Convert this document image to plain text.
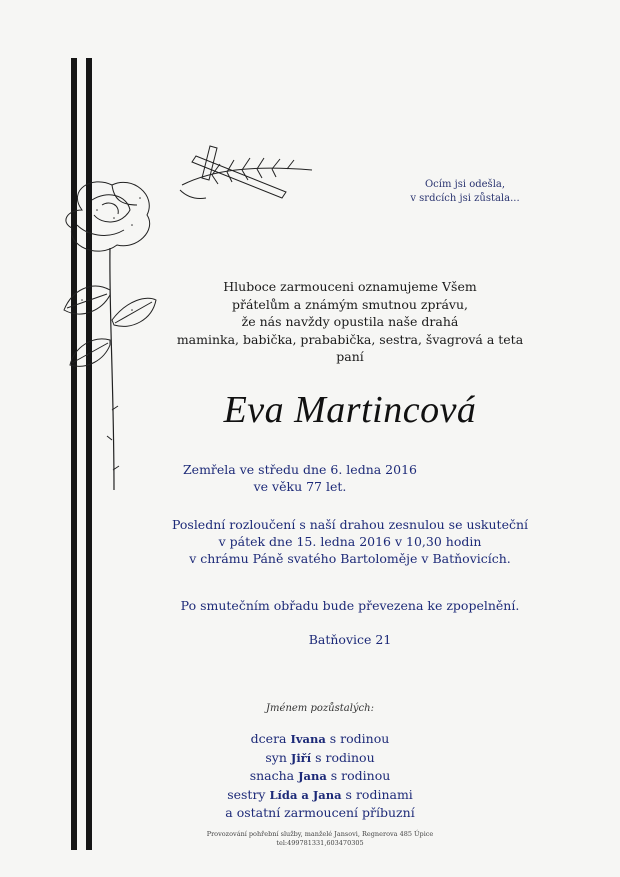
Ocím jsi odešla,
v srdcích jsi zůstala...
Hluboce zarmouceni oznamujeme Všem
přátelům a známým smutnou zprávu,
že nás navždy opustila naše drahá
maminka, babička, prababička, sestra, švagrová a teta
paní
Eva Martincová
Zemřela ve středu dne 6. ledna 2016
ve věku 77 let.
Poslední rozloučení s naší drahou zesnulou se uskuteční
v pátek dne 15. ledna 2016 v 10,30 hodin
v chrámu Páně svatého Bartoloměje v Batňovicích.
Po smutečním obřadu bude převezena ke zpopelnění.
Batňovice 21
Jménem pozůstalých:
dcera Ivana s rodinou
syn Jiří s rodinou
snacha Jana s rodinou
sestry Lída a Jana s rodinami
a ostatní zarmoucení příbuzní
Provozování pohřební služby, manželé Jansovi, Regnerova 485 Úpice
tel:499781331,603470305
